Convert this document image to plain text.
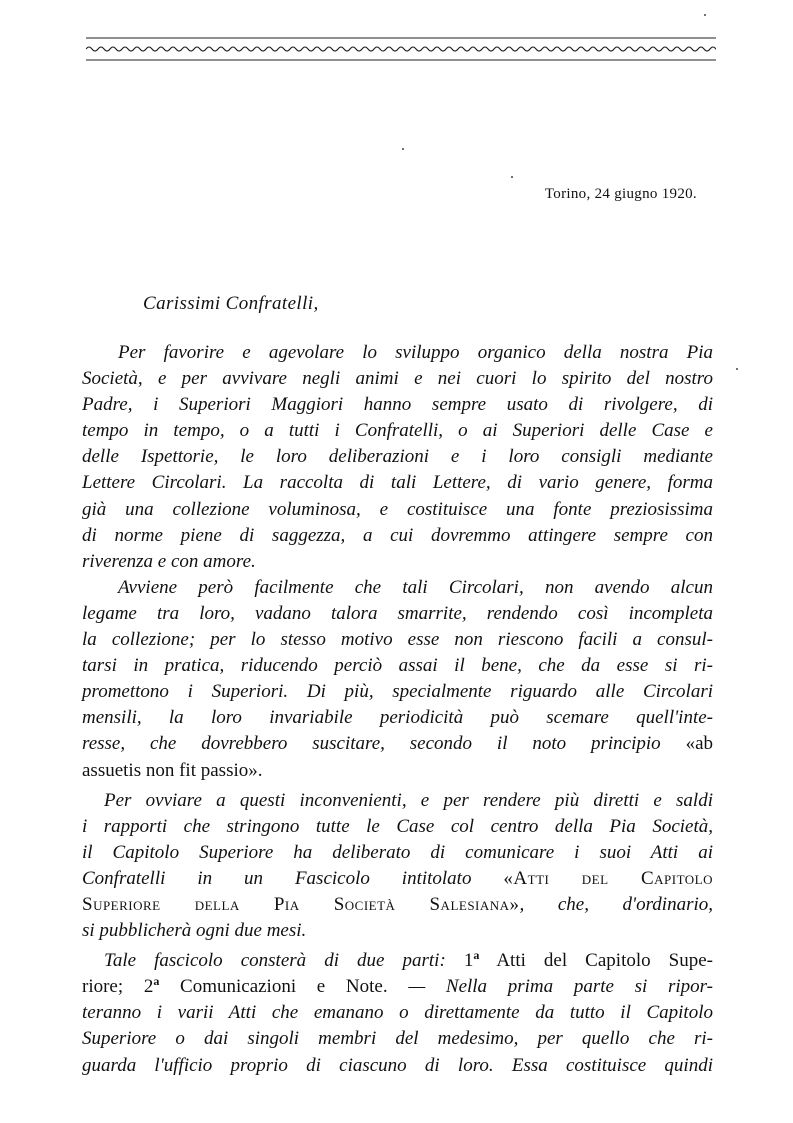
Torino, 24 giugno 1920.
Carissimi Confratelli,
Per favorire e agevolare lo sviluppo organico della nostra Pia
Società, e per avvivare negli animi e nei cuori lo spirito del nostro
Padre, i Superiori Maggiori hanno sempre usato di rivolgere, di
tempo in tempo, o a tutti i Confratelli, o ai Superiori delle Case e
delle Ispettorie, le loro deliberazioni e i loro consigli mediante
Lettere Circolari. La raccolta di tali Lettere, di vario genere, forma
già una collezione voluminosa, e costituisce una fonte preziosissima
di norme piene di saggezza, a cui dovremmo attingere sempre con
riverenza e con amore.
Avviene però facilmente che tali Circolari, non avendo alcun
legame tra loro, vadano talora smarrite, rendendo così incompleta
la collezione; per lo stesso motivo esse non riescono facili a consul-
tarsi in pratica, riducendo perciò assai il bene, che da esse si ri-
promettono i Superiori. Di più, specialmente riguardo alle Circolari
mensili, la loro invariabile periodicità può scemare quell'inte-
resse, che dovrebbero suscitare, secondo il noto principio «ab
assuetis non fit passio».
Per ovviare a questi inconvenienti, e per rendere più diretti e saldi
i rapporti che stringono tutte le Case col centro della Pia Società,
il Capitolo Superiore ha deliberato di comunicare i suoi Atti ai
Confratelli in un Fascicolo intitolato «Atti del Capitolo
Superiore della Pia Società Salesiana», che, d'ordinario,
si pubblicherà ogni due mesi.
Tale fascicolo consterà di due parti: 1$^a$ Atti del Capitolo Supe-
riore; 2$^a$ Comunicazioni e Note. — Nella prima parte si ripor-
teranno i varii Atti che emanano o direttamente da tutto il Capitolo
Superiore o dai singoli membri del medesimo, per quello che ri-
guarda l'ufficio proprio di ciascuno di loro. Essa costituisce quindi
